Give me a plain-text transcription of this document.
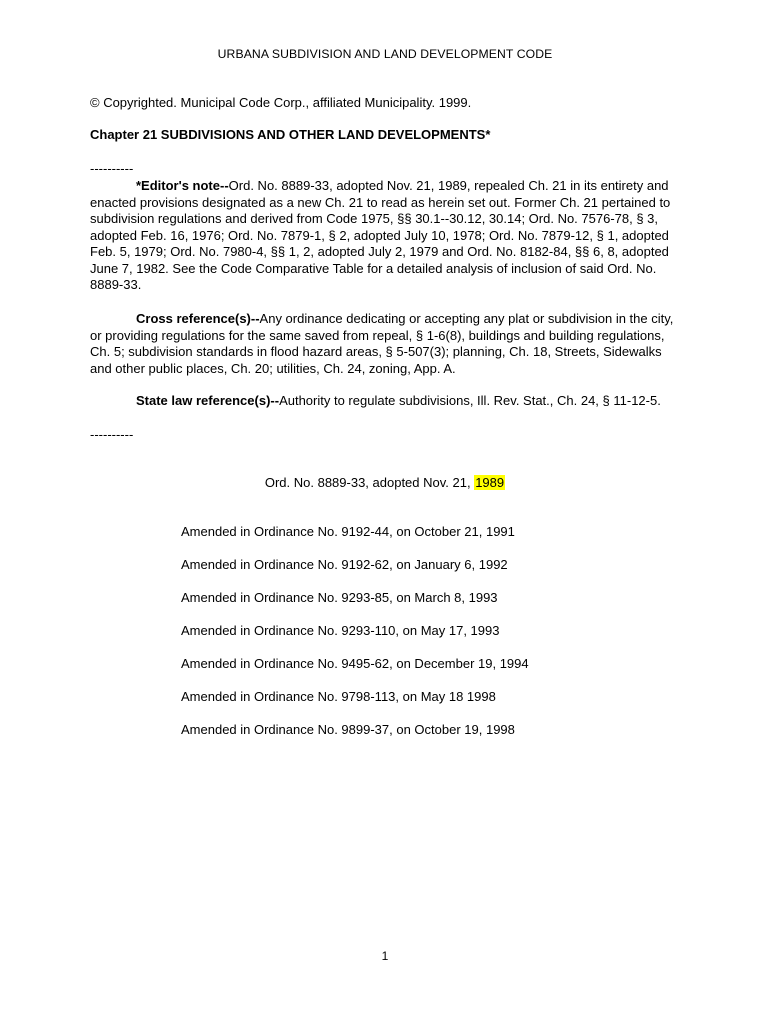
URBANA SUBDIVISION AND LAND DEVELOPMENT CODE
© Copyrighted. Municipal Code Corp., affiliated Municipality. 1999.
Chapter 21 SUBDIVISIONS AND OTHER LAND DEVELOPMENTS*
----------
*Editor's note--Ord. No. 8889-33, adopted Nov. 21, 1989, repealed Ch. 21 in its entirety and enacted provisions designated as a new Ch. 21 to read as herein set out. Former Ch. 21 pertained to subdivision regulations and derived from Code 1975, §§ 30.1--30.12, 30.14; Ord. No. 7576-78, § 3, adopted Feb. 16, 1976; Ord. No. 7879-1, § 2, adopted July 10, 1978; Ord. No. 7879-12, § 1, adopted Feb. 5, 1979; Ord. No. 7980-4, §§ 1, 2, adopted July 2, 1979 and Ord. No. 8182-84, §§ 6, 8, adopted June 7, 1982. See the Code Comparative Table for a detailed analysis of inclusion of said Ord. No. 8889-33.
Cross reference(s)--Any ordinance dedicating or accepting any plat or subdivision in the city, or providing regulations for the same saved from repeal, § 1-6(8), buildings and building regulations, Ch. 5; subdivision standards in flood hazard areas, § 5-507(3); planning, Ch. 18, Streets, Sidewalks and other public places, Ch. 20; utilities, Ch. 24, zoning, App. A.
State law reference(s)--Authority to regulate subdivisions, Ill. Rev. Stat., Ch. 24, § 11-12-5.
----------
Ord. No. 8889-33, adopted Nov. 21, 1989
Amended in Ordinance No. 9192-44, on October 21, 1991
Amended in Ordinance No. 9192-62, on January 6, 1992
Amended in Ordinance No. 9293-85, on March 8, 1993
Amended in Ordinance No. 9293-110, on May 17, 1993
Amended in Ordinance No. 9495-62, on December 19, 1994
Amended in Ordinance No. 9798-113, on May 18 1998
Amended in Ordinance No. 9899-37, on October 19, 1998
1
